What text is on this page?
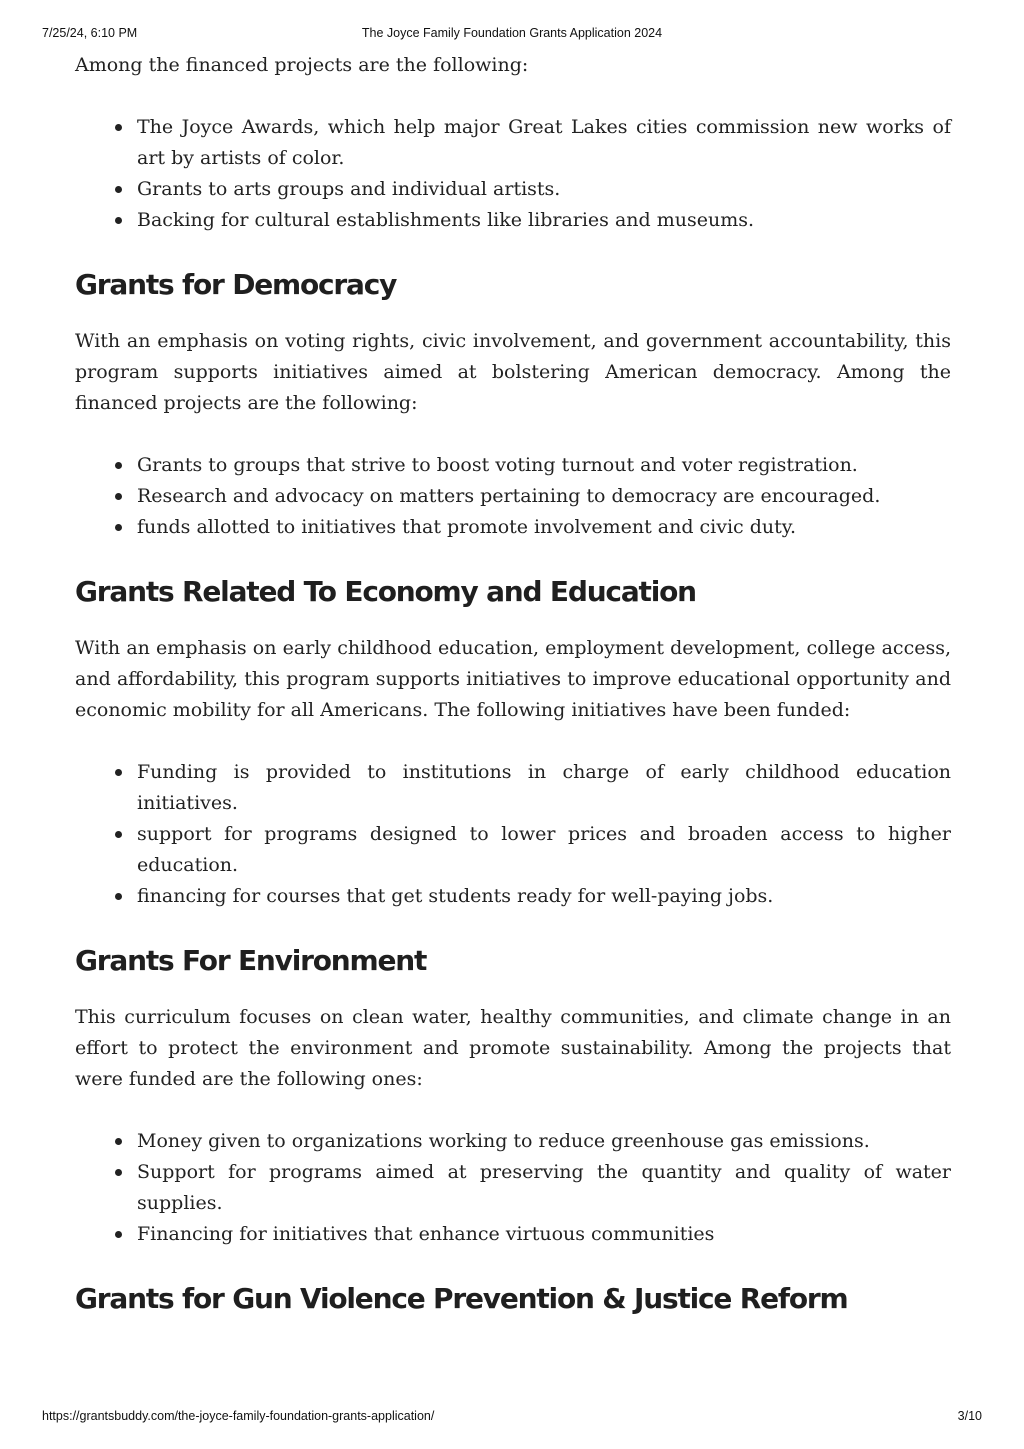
7/25/24, 6:10 PM	The Joyce Family Foundation Grants Application 2024

Among the financed projects are the following:

The Joyce Awards, which help major Great Lakes cities commission new works of art by artists of color.
Grants to arts groups and individual artists.
Backing for cultural establishments like libraries and museums.
Grants for Democracy

With an emphasis on voting rights, civic involvement, and government accountability, this program supports initiatives aimed at bolstering American democracy. Among the financed projects are the following:

Grants to groups that strive to boost voting turnout and voter registration.
Research and advocacy on matters pertaining to democracy are encouraged.
funds allotted to initiatives that promote involvement and civic duty.
Grants Related To Economy and Education

With an emphasis on early childhood education, employment development, college access, and affordability, this program supports initiatives to improve educational opportunity and economic mobility for all Americans. The following initiatives have been funded:

Funding is provided to institutions in charge of early childhood education initiatives.
support for programs designed to lower prices and broaden access to higher education.
financing for courses that get students ready for well-paying jobs.
Grants For Environment

This curriculum focuses on clean water, healthy communities, and climate change in an effort to protect the environment and promote sustainability. Among the projects that were funded are the following ones:

Money given to organizations working to reduce greenhouse gas emissions.
Support for programs aimed at preserving the quantity and quality of water supplies.
Financing for initiatives that enhance virtuous communities
Grants for Gun Violence Prevention & Justice Reform
https://grantsbuddy.com/the-joyce-family-foundation-grants-application/	3/10
